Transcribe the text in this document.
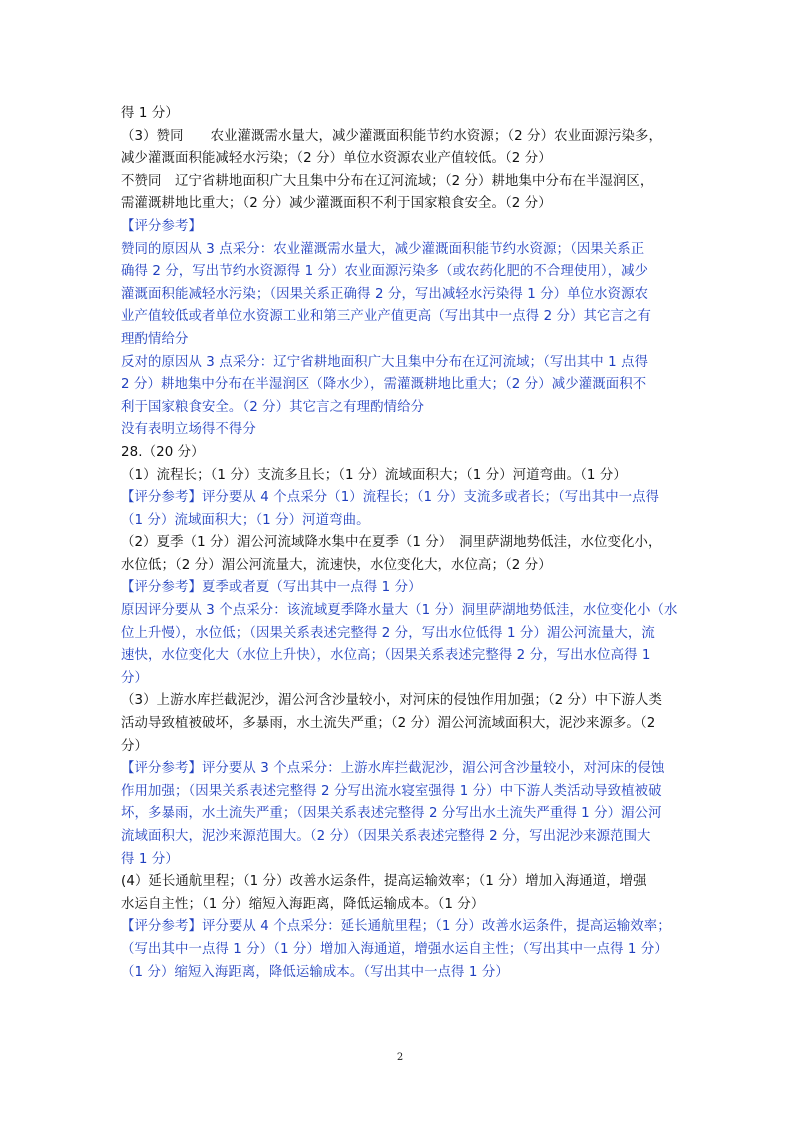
得 1 分）
（3）赞同　　农业灌溉需水量大，减少灌溉面积能节约水资源；（2 分）农业面源污染多，
减少灌溉面积能减轻水污染；（2 分）单位水资源农业产值较低。（2 分）
不赞同　辽宁省耕地面积广大且集中分布在辽河流域；（2 分）耕地集中分布在半湿润区，
需灌溉耕地比重大；（2 分）减少灌溉面积不利于国家粮食安全。（2 分）
【评分参考】
赞同的原因从 3 点采分：农业灌溉需水量大，减少灌溉面积能节约水资源；（因果关系正
确得 2 分，写出节约水资源得 1 分）农业面源污染多（或农药化肥的不合理使用），减少
灌溉面积能减轻水污染；（因果关系正确得 2 分，写出减轻水污染得 1 分）单位水资源农
业产值较低或者单位水资源工业和第三产业产值更高（写出其中一点得 2 分）其它言之有
理酌情给分
反对的原因从 3 点采分：辽宁省耕地面积广大且集中分布在辽河流域；（写出其中 1 点得
2 分）耕地集中分布在半湿润区（降水少），需灌溉耕地比重大；（2 分）减少灌溉面积不
利于国家粮食安全。（2 分）其它言之有理酌情给分
没有表明立场得不得分
28.（20 分）
（1）流程长；（1 分）支流多且长；（1 分）流域面积大；（1 分）河道弯曲。（1 分）
【评分参考】评分要从 4 个点采分（1）流程长；（1 分）支流多或者长；（写出其中一点得
（1 分）流域面积大；（1 分）河道弯曲。
（2）夏季（1 分）湄公河流域降水集中在夏季（1 分）　洞里萨湖地势低洼，水位变化小，
水位低；（2 分）湄公河流量大，流速快，水位变化大，水位高；（2 分）
【评分参考】夏季或者夏（写出其中一点得 1 分）
原因评分要从 3 个点采分：该流域夏季降水量大（1 分）洞里萨湖地势低洼，水位变化小（水
位上升慢），水位低；（因果关系表述完整得 2 分，写出水位低得 1 分）湄公河流量大，流
速快，水位变化大（水位上升快），水位高；（因果关系表述完整得 2 分，写出水位高得 1
分）
（3）上游水库拦截泥沙，湄公河含沙量较小，对河床的侵蚀作用加强；（2 分）中下游人类
活动导致植被破坏，多暴雨，水土流失严重；（2 分）湄公河流域面积大，泥沙来源多。（2
分）
【评分参考】评分要从 3 个点采分：上游水库拦截泥沙，湄公河含沙量较小，对河床的侵蚀
作用加强；（因果关系表述完整得 2 分写出流水寝室强得 1 分）中下游人类活动导致植被破
坏，多暴雨，水土流失严重；（因果关系表述完整得 2 分写出水土流失严重得 1 分）湄公河
流域面积大，泥沙来源范围大。（2 分）（因果关系表述完整得 2 分，写出泥沙来源范围大
得 1 分）
(4）延长通航里程；（1 分）改善水运条件，提高运输效率；（1 分）增加入海通道，增强
水运自主性；（1 分）缩短入海距离，降低运输成本。（1 分）
【评分参考】评分要从 4 个点采分：延长通航里程；（1 分）改善水运条件，提高运输效率；
（写出其中一点得 1 分）（1 分）增加入海通道，增强水运自主性；（写出其中一点得 1 分）
（1 分）缩短入海距离，降低运输成本。（写出其中一点得 1 分）
2
